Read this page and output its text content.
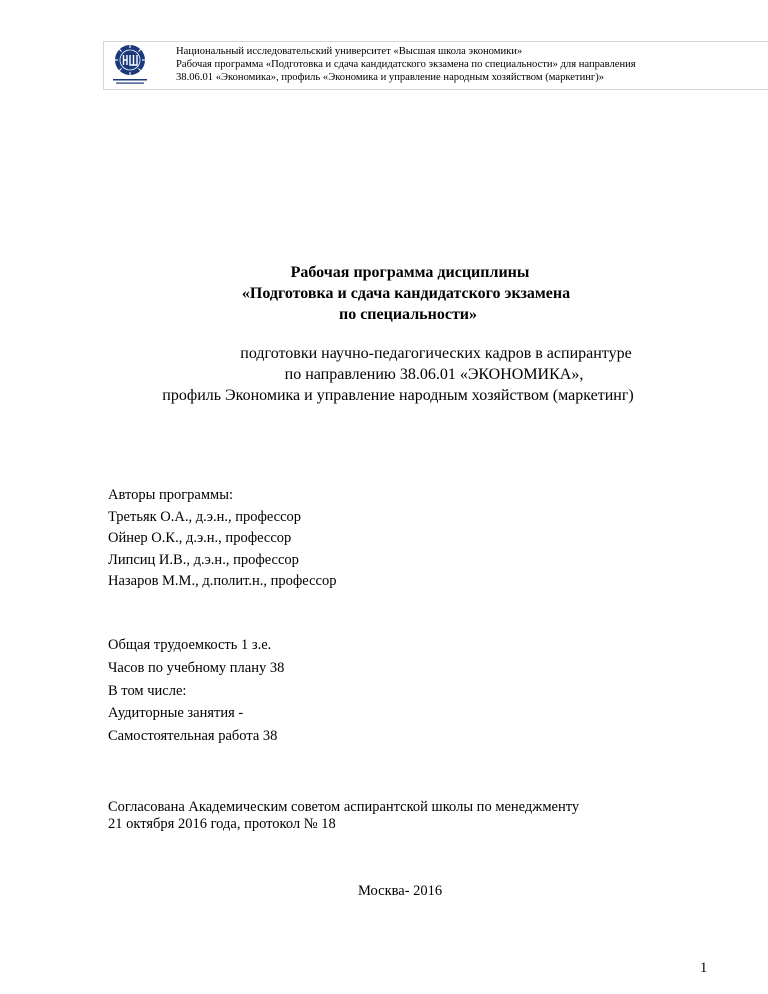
Национальный исследовательский университет «Высшая школа экономики»
Рабочая программа «Подготовка и сдача кандидатского экзамена по специальности» для направления
38.06.01 «Экономика», профиль «Экономика и управление народным хозяйством (маркетинг)»
Рабочая программа дисциплины
«Подготовка и сдача кандидатского экзамена
по специальности»
подготовки научно-педагогических кадров в аспирантуре
по направлению 38.06.01 «ЭКОНОМИКА»,
профиль Экономика и управление народным хозяйством (маркетинг)
Авторы программы:
Третьяк О.А., д.э.н., профессор
Ойнер О.К., д.э.н., профессор
Липсиц И.В., д.э.н., профессор
Назаров М.М., д.полит.н., профессор
Общая трудоемкость 1 з.е.
Часов по учебному плану 38
В том числе:
Аудиторные занятия -
Самостоятельная работа 38
Согласована Академическим советом аспирантской школы по менеджменту
21 октября 2016 года, протокол № 18
Москва- 2016
1
